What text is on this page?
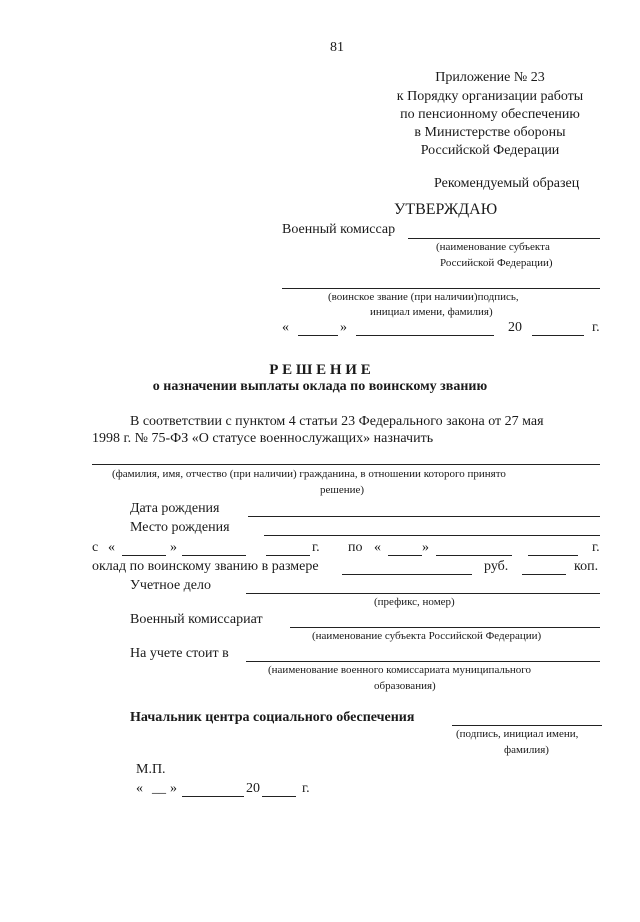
81
Приложение № 23
к Порядку организации работы
по пенсионному обеспечению
в Министерстве обороны
Российской Федерации
Рекомендуемый образец
УТВЕРЖДАЮ
Военный комиссар
(наименование субъекта
Российской Федерации)
(воинское звание (при наличии)подпись,
инициал имени, фамилия)
«	»	20	г.
Р Е Ш Е Н И Е
о назначении выплаты оклада по воинскому званию
В соответствии с пунктом 4 статьи 23 Федерального закона от 27 мая
1998 г. № 75-ФЗ «О статусе военнослужащих» назначить
(фамилия, имя, отчество (при наличии) гражданина, в отношении которого принято
решение)
Дата рождения
Место рождения
с «	»	г. по «	»	г.
оклад по воинскому званию в размере	руб.	коп.
Учетное дело
(префикс, номер)
Военный комиссариат
(наименование субъекта Российской Федерации)
На учете стоит в
(наименование военного комиссариата муниципального
образования)
Начальник центра социального обеспечения
(подпись, инициал имени,
фамилия)
М.П.
« __ »	20	г.
